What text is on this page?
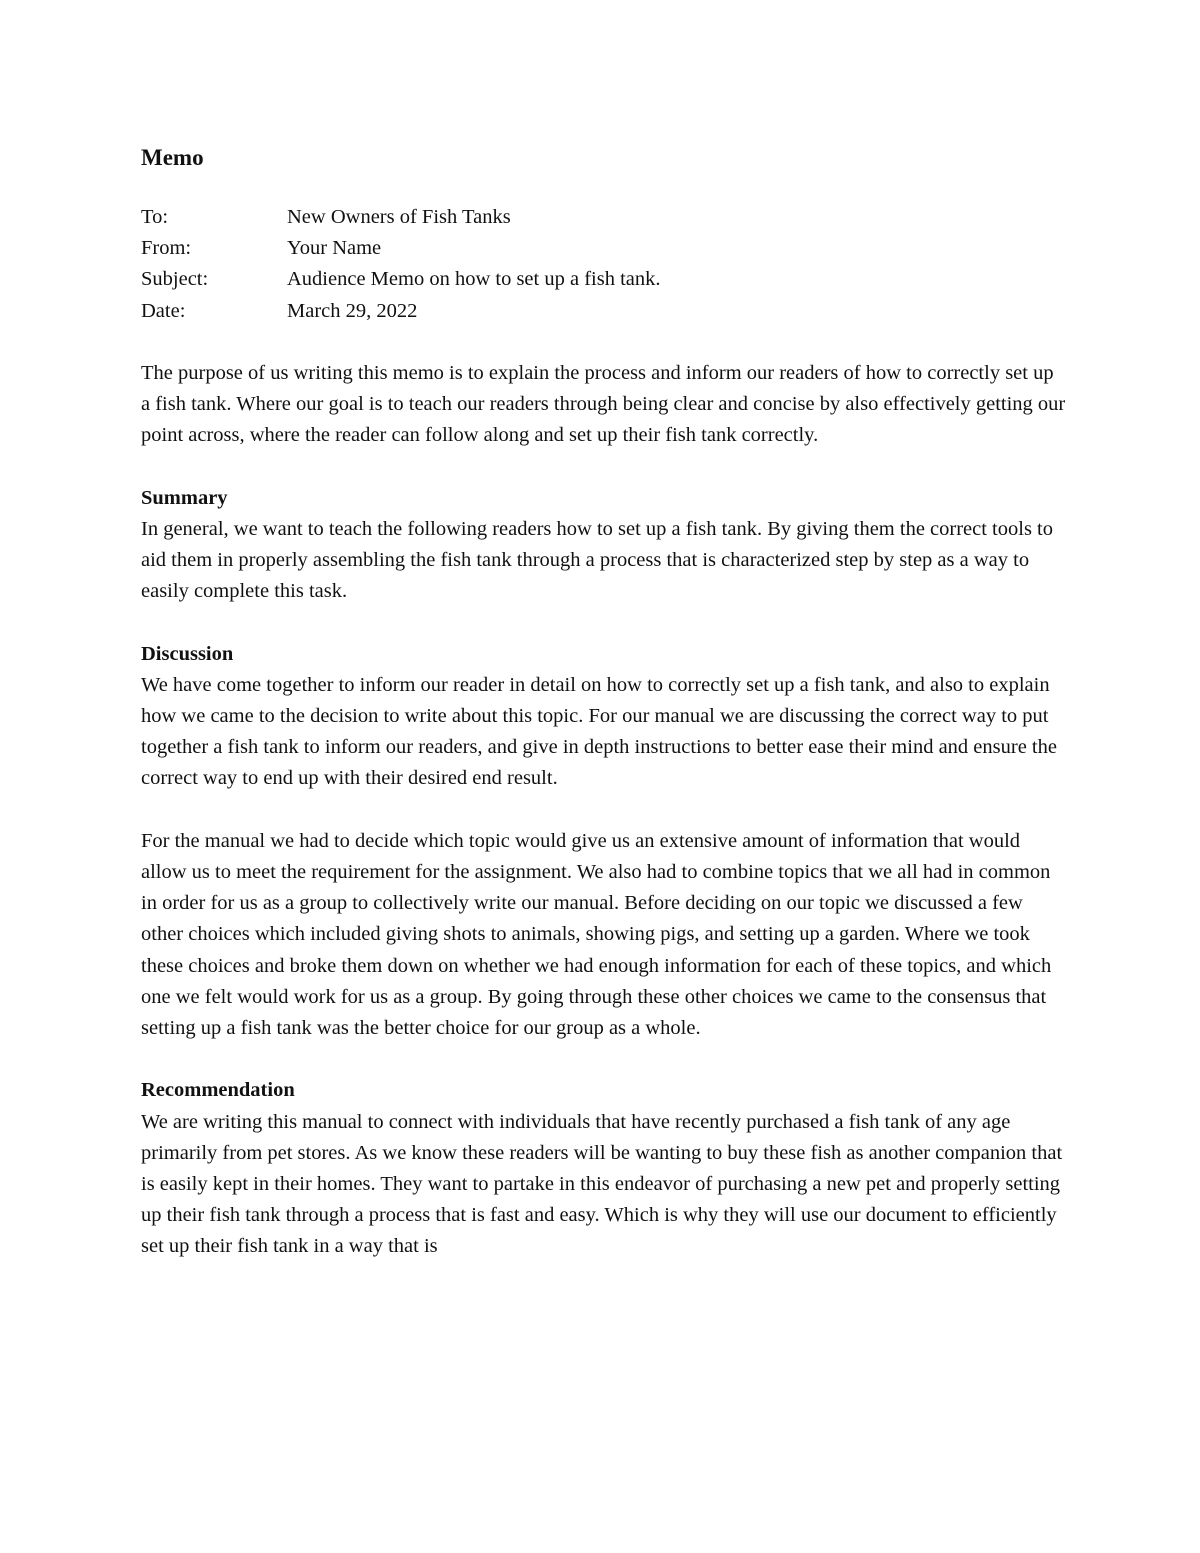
Memo
To:	New Owners of Fish Tanks
From:	Your Name
Subject:	Audience Memo on how to set up a fish tank.
Date:	March 29, 2022

The purpose of us writing this memo is to explain the process and inform our readers of how to correctly set up a fish tank. Where our goal is to teach our readers through being clear and concise by also effectively getting our point across, where the reader can follow along and set up their fish tank correctly.

Summary

In general, we want to teach the following readers how to set up a fish tank. By giving them the correct tools to aid them in properly assembling the fish tank through a process that is characterized step by step as a way to easily complete this task.

Discussion

We have come together to inform our reader in detail on how to correctly set up a fish tank, and also to explain how we came to the decision to write about this topic. For our manual we are discussing the correct way to put together a fish tank to inform our readers, and give in depth instructions to better ease their mind and ensure the correct way to end up with their desired end result.

For the manual we had to decide which topic would give us an extensive amount of information that would allow us to meet the requirement for the assignment. We also had to combine topics that we all had in common in order for us as a group to collectively write our manual. Before deciding on our topic we discussed a few other choices which included giving shots to animals, showing pigs, and setting up a garden. Where we took these choices and broke them down on whether we had enough information for each of these topics, and which one we felt would work for us as a group. By going through these other choices we came to the consensus that setting up a fish tank was the better choice for our group as a whole.

Recommendation

We are writing this manual to connect with individuals that have recently purchased a fish tank of any age primarily from pet stores. As we know these readers will be wanting to buy these fish as another companion that is easily kept in their homes. They want to partake in this endeavor of purchasing a new pet and properly setting up their fish tank through a process that is fast and easy. Which is why they will use our document to efficiently set up their fish tank in a way that is
